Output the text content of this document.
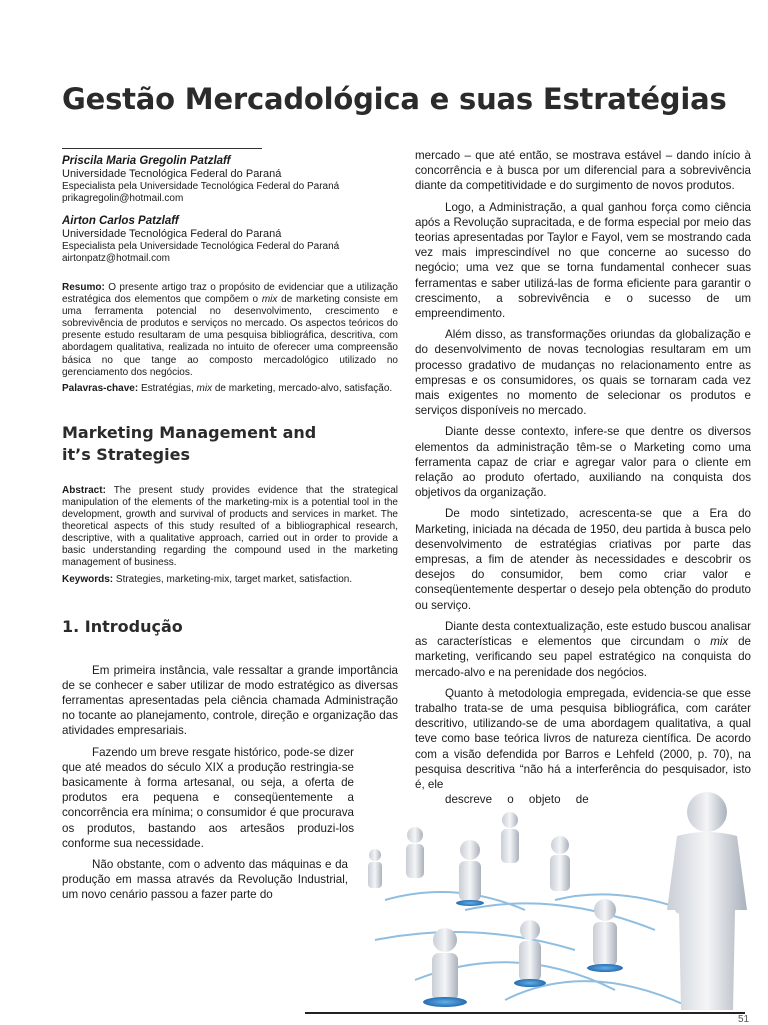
Gestão Mercadológica e suas Estratégias
Priscila Maria Gregolin Patzlaff
Universidade Tecnológica Federal do Paraná
Especialista pela Universidade Tecnológica Federal do Paraná
prikagregolin@hotmail.com
Airton Carlos Patzlaff
Universidade Tecnológica Federal do Paraná
Especialista pela Universidade Tecnológica Federal do Paraná
airtonpatz@hotmail.com
Resumo: O presente artigo traz o propósito de evidenciar que a utilização estratégica dos elementos que compõem o mix de marketing consiste em uma ferramenta potencial no desenvolvimento, crescimento e sobrevivência de produtos e serviços no mercado. Os aspectos teóricos do presente estudo resultaram de uma pesquisa bibliográfica, descritiva, com abordagem qualitativa, realizada no intuito de oferecer uma compreensão básica no que tange ao composto mercadológico utilizado no gerenciamento dos negócios.
Palavras-chave: Estratégias, mix de marketing, mercado-alvo, satisfação.
Marketing Management and
it’s Strategies
Abstract: The present study provides evidence that the strategical manipulation of the elements of the marketing-mix is a potential tool in the development, growth and survival of products and services in market. The theoretical aspects of this study resulted of a bibliographical research, descriptive, with a qualitative approach, carried out in order to provide a basic understanding regarding the compound used in the marketing management of business.
Keywords: Strategies, marketing-mix, target market, satisfaction.
1. Introdução

Em primeira instância, vale ressaltar a grande importância de se conhecer e saber utilizar de modo estratégico as diversas ferramentas apresentadas pela ciência chamada Administração no tocante ao planejamento, controle, direção e organização das atividades empresariais.

Fazendo um breve resgate histórico, pode-se dizer que até meados do século XIX a produção restringia-se basicamente à forma artesanal, ou seja, a oferta de produtos era pequena e conseqüentemente a concorrência era mínima; o consumidor é que procurava os produtos, bastando aos artesãos produzi-los conforme sua necessidade.

Não obstante, com o advento das máquinas e da produção em massa através da Revolução Industrial, um novo cenário passou a fazer parte do

mercado – que até então, se mostrava estável – dando início à concorrência e à busca por um diferencial para a sobrevivência diante da competitividade e do surgimento de novos produtos.

Logo, a Administração, a qual ganhou força como ciência após a Revolução supracitada, e de forma especial por meio das teorias apresentadas por Taylor e Fayol, vem se mostrando cada vez mais imprescindível no que concerne ao sucesso do negócio; uma vez que se torna fundamental conhecer suas ferramentas e saber utilizá-las de forma eficiente para garantir o crescimento, a sobrevivência e o sucesso de um empreendimento.

Além disso, as transformações oriundas da globalização e do desenvolvimento de novas tecnologias resultaram em um processo gradativo de mudanças no relacionamento entre as empresas e os consumidores, os quais se tornaram cada vez mais exigentes no momento de selecionar os produtos e serviços disponíveis no mercado.

Diante desse contexto, infere-se que dentre os diversos elementos da administração têm-se o Marketing como uma ferramenta capaz de criar e agregar valor para o cliente em relação ao produto ofertado, auxiliando na conquista dos objetivos da organização.

De modo sintetizado, acrescenta-se que a Era do Marketing, iniciada na década de 1950, deu partida à busca pelo desenvolvimento de estratégias criativas por parte das empresas, a fim de atender às necessidades e descobrir os desejos do consumidor, bem como criar valor e conseqüentemente despertar o desejo pela obtenção do produto ou serviço.

Diante desta contextualização, este estudo buscou analisar as características e elementos que circundam o mix de marketing, verificando seu papel estratégico na conquista do mercado-alvo e na perenidade dos negócios.

Quanto à metodologia empregada, evidencia-se que esse trabalho trata-se de uma pesquisa bibliográfica, com caráter descritivo, utilizando-se de uma abordagem qualitativa, a qual teve como base teórica livros de natureza científica. De acordo com a visão defendida por Barros e Lehfeld (2000, p. 70), na pesquisa descritiva “não há a interferência do pesquisador, isto é, ele

descreve o objeto de

51
